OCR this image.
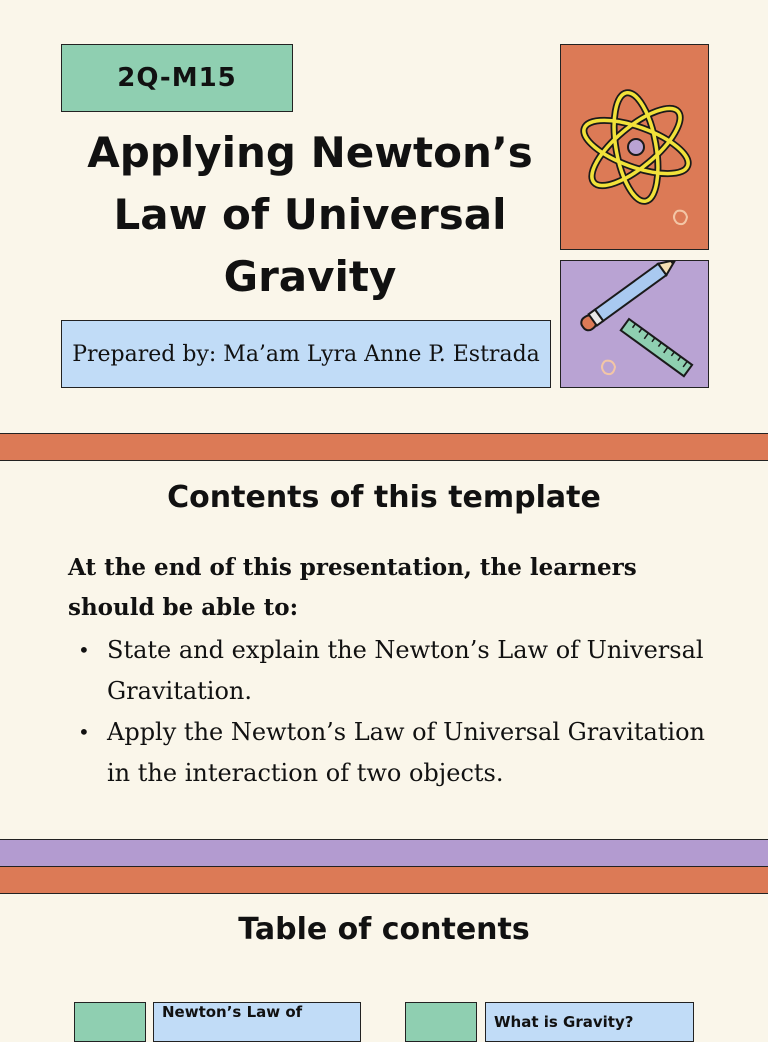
2Q-M15
Applying Newton’s
Law of Universal
Gravity
Prepared by: Ma’am Lyra Anne P. Estrada
Contents of this template
At the end of this presentation, the learners should be able to:
• State and explain the Newton’s Law of Universal Gravitation.
• Apply the Newton’s Law of Universal Gravitation in the interaction of two objects.
Table of contents
Newton’s Law of
What is Gravity?
